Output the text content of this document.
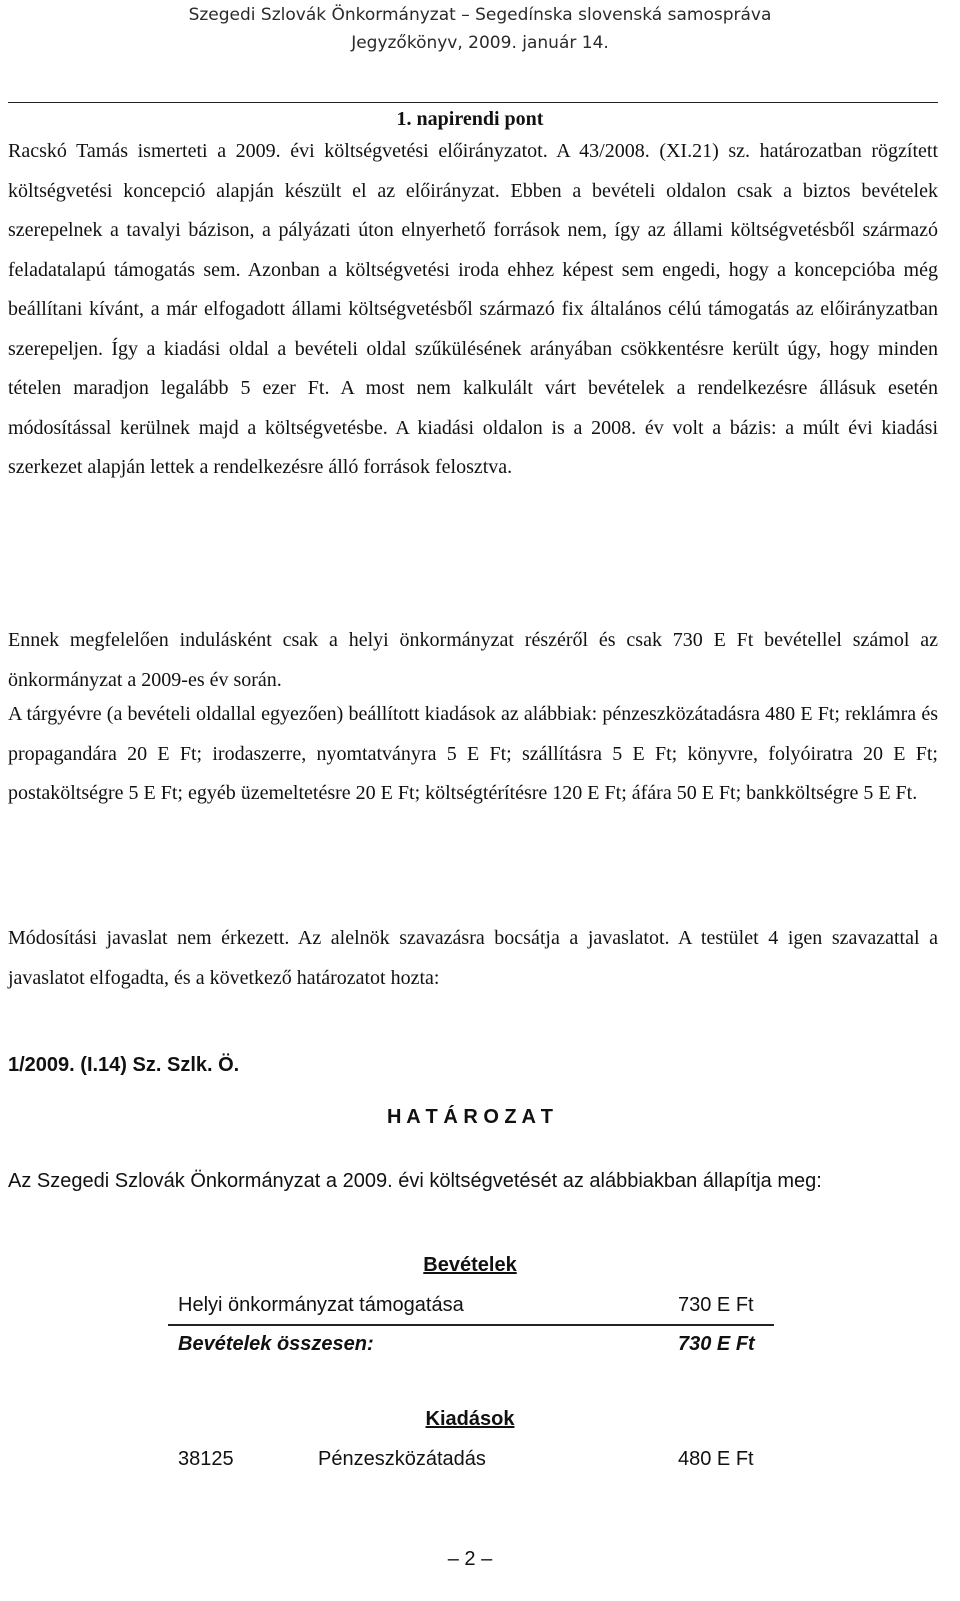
Szegedi Szlovák Önkormányzat – Segedínska slovenská samospráva
Jegyzőkönyv, 2009. január 14.
1. napirendi pont

Racskó Tamás ismerteti a 2009. évi költségvetési előirányzatot. A 43/2008. (XI.21) sz. határozatban rögzített költségvetési koncepció alapján készült el az előirányzat. Ebben a bevételi oldalon csak a biztos bevételek szerepelnek a tavalyi bázison, a pályázati úton elnyerhető források nem, így az állami költségvetésből származó feladatalapú támogatás sem. Azonban a költségvetési iroda ehhez képest sem engedi, hogy a koncepcióba még beállítani kívánt, a már elfogadott állami költségvetésből származó fix általános célú támogatás az előirányzatban szerepeljen. Így a kiadási oldal a bevételi oldal szűkülésének arányában csökkentésre került úgy, hogy minden tételen maradjon legalább 5 ezer Ft. A most nem kalkulált várt bevételek a rendelkezésre állásuk esetén módosítással kerülnek majd a költségvetésbe. A kiadási oldalon is a 2008. év volt a bázis: a múlt évi kiadási szerkezet alapján lettek a rendelkezésre álló források felosztva.

Ennek megfelelően indulásként csak a helyi önkormányzat részéről és csak 730 E Ft bevétellel számol az önkormányzat a 2009-es év során.

A tárgyévre (a bevételi oldallal egyezően) beállított kiadások az alábbiak: pénzeszközátadásra 480 E Ft; reklámra és propagandára 20 E Ft; irodaszerre, nyomtatványra 5 E Ft; szállításra 5 E Ft; könyvre, folyóiratra 20 E Ft; postaköltségre 5 E Ft; egyéb üzemeltetésre 20 E Ft; költségtérítésre 120 E Ft; áfára 50 E Ft; bankköltségre 5 E Ft.

Módosítási javaslat nem érkezett. Az alelnök szavazásra bocsátja a javaslatot. A testület 4 igen szavazattal a javaslatot elfogadta, és a következő határozatot hozta:

1/2009. (I.14) Sz. Szlk. Ö.
H A T Á R O Z A T
Az Szegedi Szlovák Önkormányzat a 2009. évi költségvetését az alábbiakban állapítja meg:
Bevételek
Helyi önkormányzat támogatása	730 E Ft
Bevételek összesen:	730 E Ft
Kiadások
38125	Pénzeszközátadás	480 E Ft
– 2 –
